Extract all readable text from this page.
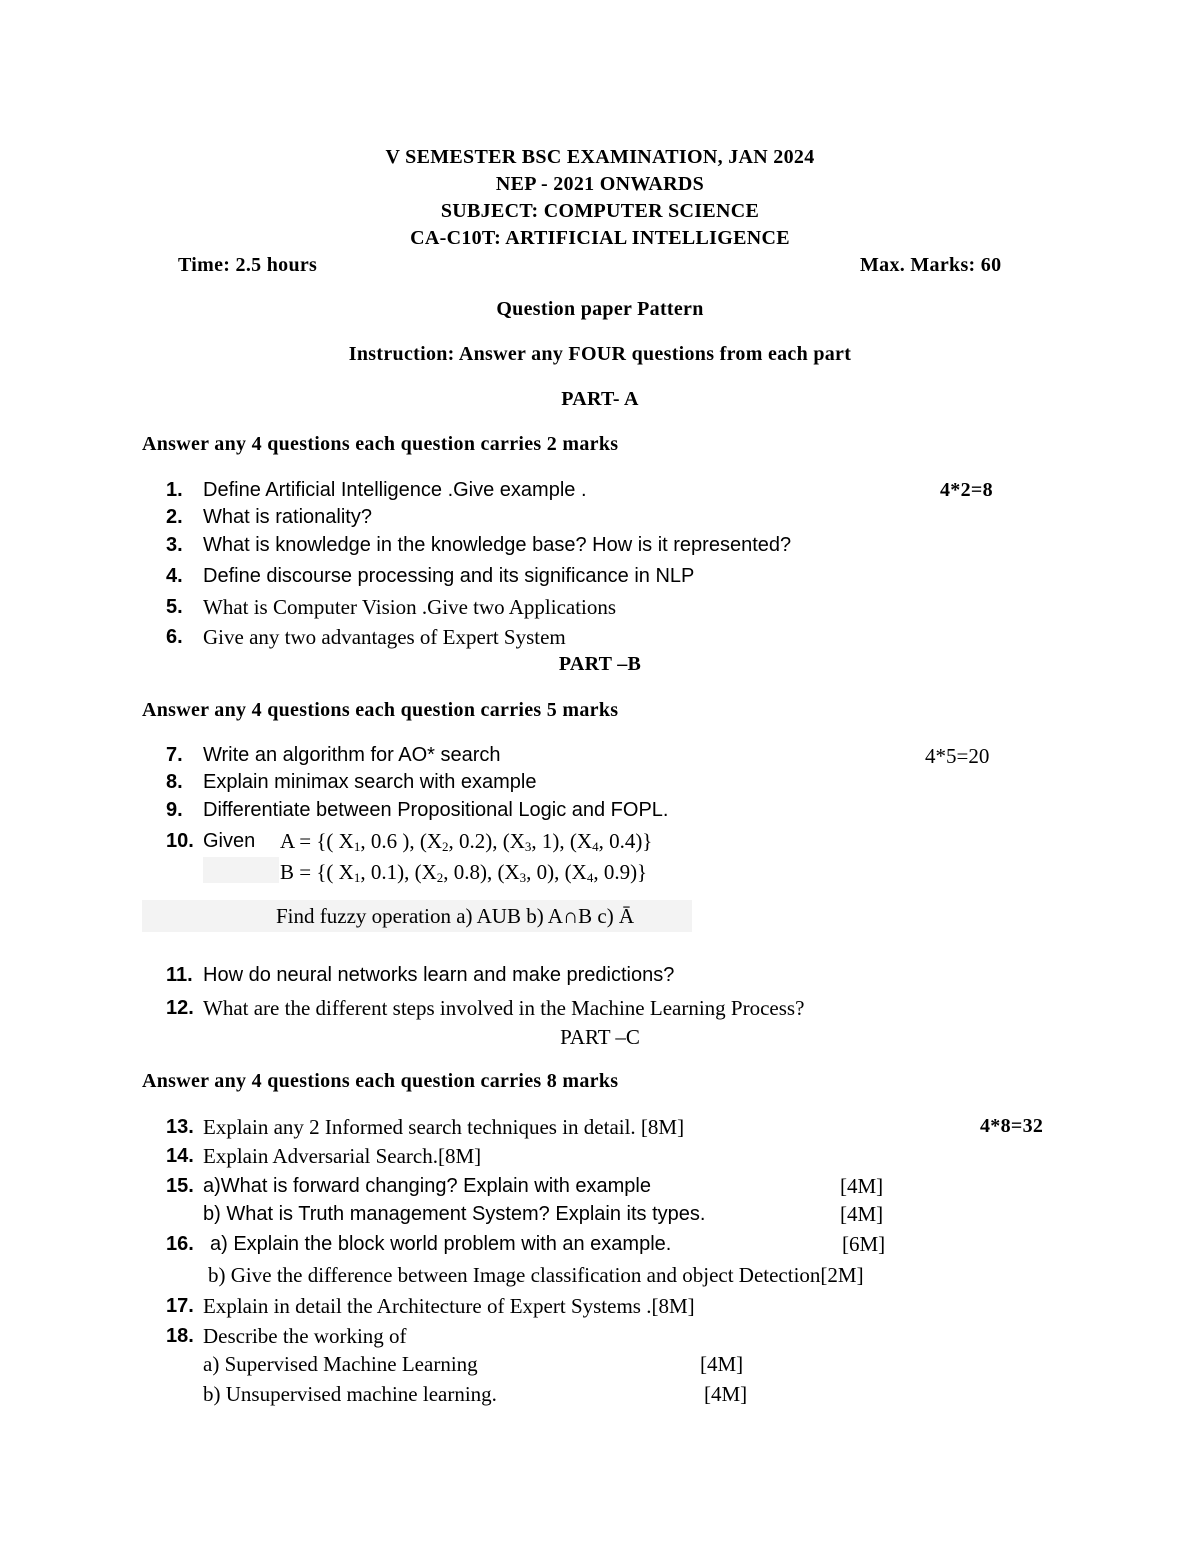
V SEMESTER BSC EXAMINATION, JAN 2024
NEP - 2021 ONWARDS
SUBJECT: COMPUTER SCIENCE
CA-C10T: ARTIFICIAL INTELLIGENCE
Time: 2.5 hours	Max. Marks: 60
Question paper Pattern
Instruction: Answer any FOUR questions from each part
PART- A
Answer any 4 questions each question carries 2 marks
1. Define Artificial Intelligence .Give example .	4*2=8
2. What is rationality?
3. What is knowledge in the knowledge base? How is it represented?
4. Define discourse processing and its significance in NLP
5. What is Computer Vision .Give two Applications
6. Give any two advantages of Expert System
PART –B
Answer any 4 questions each question carries 5 marks
7. Write an algorithm for AO* search	4*5=20
8. Explain minimax search with example
9. Differentiate between Propositional Logic and FOPL.
10. Given A = {( $X_1$, 0.6 ), ($X_2$, 0.2), ($X_3$, 1), ($X_4$, 0.4)}
B = {( $X_1$, 0.1), ($X_2$, 0.8), ($X_3$, 0), ($X_4$, 0.9)}
Find fuzzy operation a) AUB b) A∩B c) Ā
11. How do neural networks learn and make predictions?
12. What are the different steps involved in the Machine Learning Process?
PART –C
Answer any 4 questions each question carries 8 marks
13. Explain any 2 Informed search techniques in detail. [8M]	4*8=32
14. Explain Adversarial Search.[8M]
15. a)What is forward changing? Explain with example	[4M]
b) What is Truth management System? Explain its types.	[4M]
16. a) Explain the block world problem with an example.	[6M]
b) Give the difference between Image classification and object Detection[2M]
17. Explain in detail the Architecture of Expert Systems .[8M]
18. Describe the working of
a) Supervised Machine Learning	[4M]
b) Unsupervised machine learning.	[4M]
